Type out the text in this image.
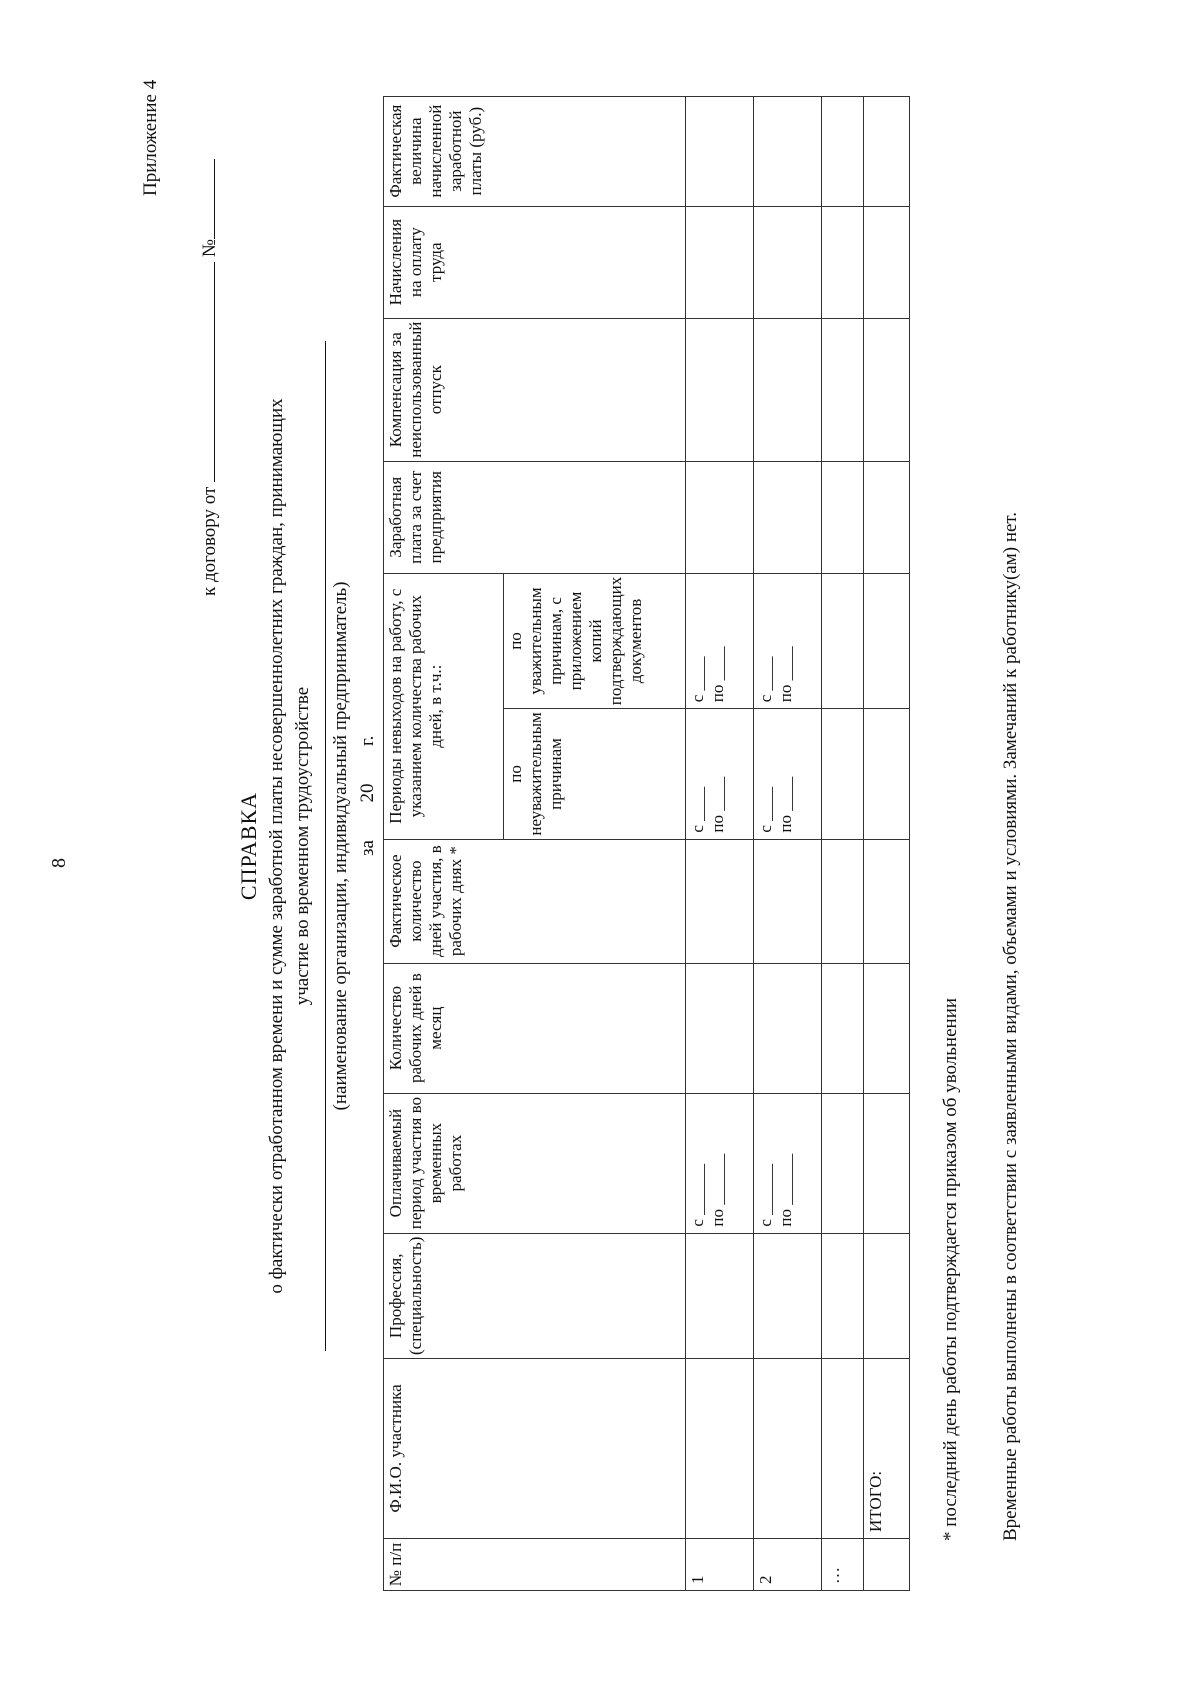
8
Приложение 4
к договору от  №
СПРАВКА о фактически отработанном времени и сумме заработной платы несовершеннолетних граждан, принимающих участие во временном трудоустройстве (наименование организации, индивидуальный предприниматель) за  20  г.
№ п/п	Ф.И.О. участника	Профессия, (специальность)	Оплачиваемый период участия во временных работах	Количество рабочих дней в месяц	Фактическое количество дней участия, в рабочих днях *	Периоды невыходов на работу, с указанием количества рабочих дней, в т.ч.:		Заработная плата за счет предприятия	Компенсация за неиспользованный отпуск	Начисления на оплату труда	Фактическая величина начисленной заработной платы (руб.)
						по неуважительным причинам	по уважительным причинам, с приложением копий подтверждающих документов				
1			с ______ по ______			с ____ по ____	с ____ по ____				

2			с ______ по ______			с ____ по ____	с ____ по ____				

…											
	ИТОГО:											* последний день работы подтверждается приказом об увольнении Временные работы выполнены в соответствии с заявленными видами, объемами и условиями. Замечаний к работнику(ам) нет.
